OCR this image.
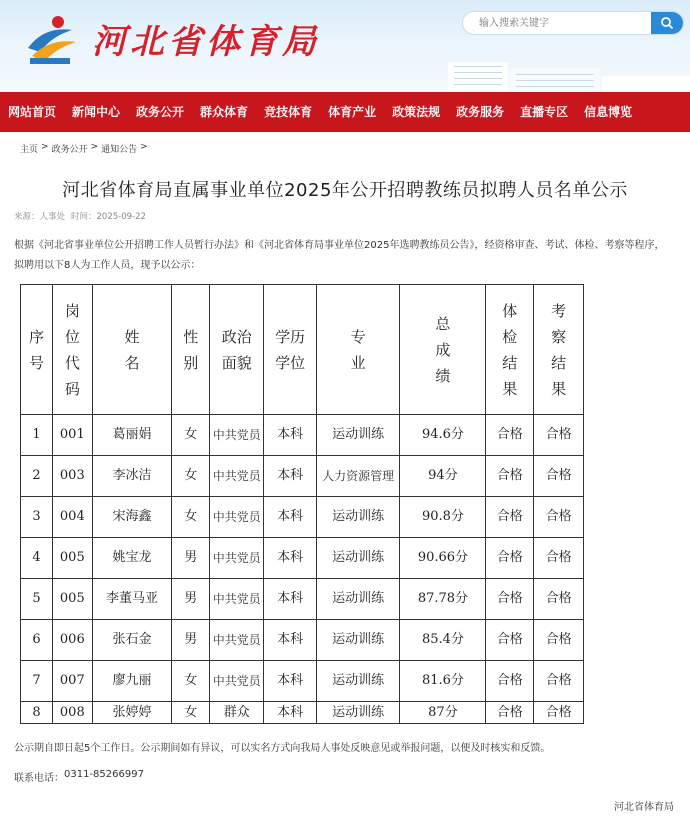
河北省体育局
输入搜索关键字
网站首页	新闻中心	政务公开	群众体育	竞技体育	体育产业	政策法规	政务服务	直播专区	信息博览
主页 > 政务公开 > 通知公告 >
河北省体育局直属事业单位2025年公开招聘教练员拟聘人员名单公示
来源：人事处 时间：2025-09-22
根据《河北省事业单位公开招聘工作人员暂行办法》和《河北省体育局事业单位2025年选聘教练员公告》，经资格审查、考试、体检、考察等程序，拟聘用以下8人为工作人员，现予以公示：
序号	岗位代码	姓名	性别	政治面貌	学历学位	专业	总成绩	体检结果	考察结果
1	001	葛丽娟	女	中共党员	本科	运动训练	94.6分	合格	合格
2	003	李冰洁	女	中共党员	本科	人力资源管理	94分	合格	合格
3	004	宋海鑫	女	中共党员	本科	运动训练	90.8分	合格	合格
4	005	姚宝龙	男	中共党员	本科	运动训练	90.66分	合格	合格
5	005	李董马亚	男	中共党员	本科	运动训练	87.78分	合格	合格
6	006	张石金	男	中共党员	本科	运动训练	85.4分	合格	合格
7	007	廖九丽	女	中共党员	本科	运动训练	81.6分	合格	合格
8	008	张婷婷	女	群众	本科	运动训练	87分	合格	合格
公示期自即日起5个工作日。公示期间如有异议，可以实名方式向我局人事处反映意见或举报问题，以便及时核实和反馈。
联系电话： 0311-85266997
河北省体育局
